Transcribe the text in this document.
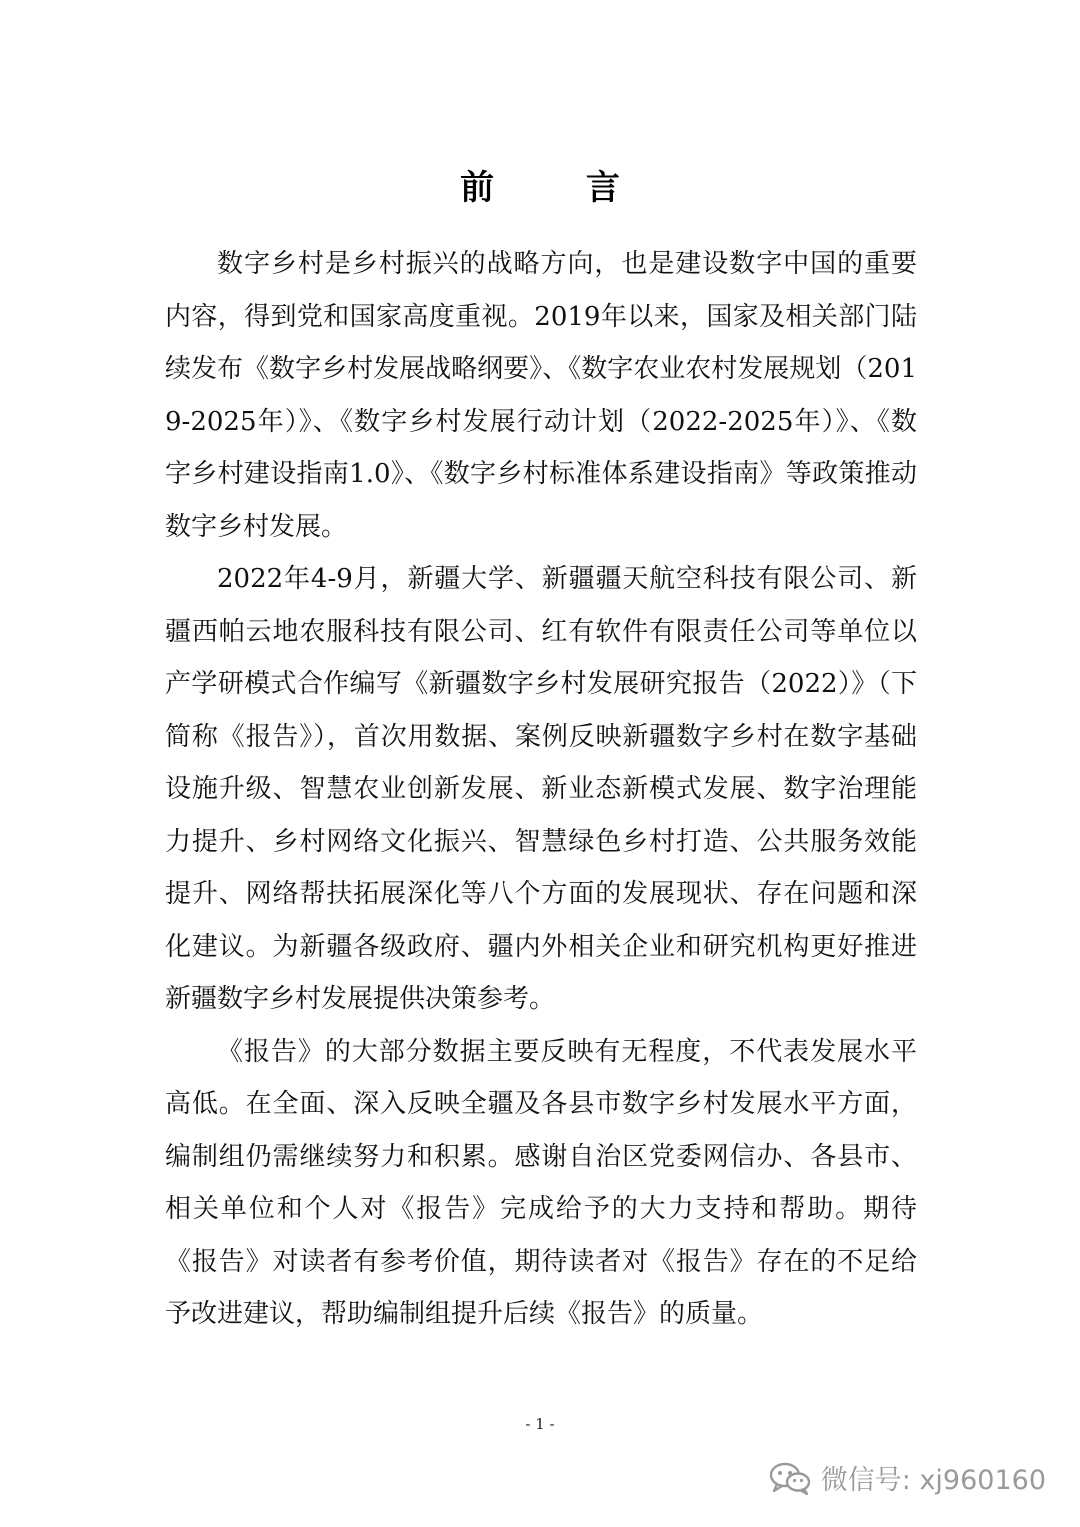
前 言

数字乡村是乡村振兴的战略方向，也是建设数字中国的重要内容，得到党和国家高度重视。2019年以来，国家及相关部门陆续发布《数字乡村发展战略纲要》、《数字农业农村发展规划（2019-2025年）》、《数字乡村发展行动计划（2022-2025年）》、《数字乡村建设指南1.0》、《数字乡村标准体系建设指南》等政策推动数字乡村发展。

2022年4-9月，新疆大学、新疆疆天航空科技有限公司、新疆西帕云地农服科技有限公司、红有软件有限责任公司等单位以产学研模式合作编写《新疆数字乡村发展研究报告（2022）》（下简称《报告》），首次用数据、案例反映新疆数字乡村在数字基础设施升级、智慧农业创新发展、新业态新模式发展、数字治理能力提升、乡村网络文化振兴、智慧绿色乡村打造、公共服务效能提升、网络帮扶拓展深化等八个方面的发展现状、存在问题和深化建议。为新疆各级政府、疆内外相关企业和研究机构更好推进新疆数字乡村发展提供决策参考。

《报告》的大部分数据主要反映有无程度，不代表发展水平高低。在全面、深入反映全疆及各县市数字乡村发展水平方面，编制组仍需继续努力和积累。感谢自治区党委网信办、各县市、相关单位和个人对《报告》完成给予的大力支持和帮助。期待《报告》对读者有参考价值，期待读者对《报告》存在的不足给予改进建议，帮助编制组提升后续《报告》的质量。

- 1 -
微信号: xj960160
